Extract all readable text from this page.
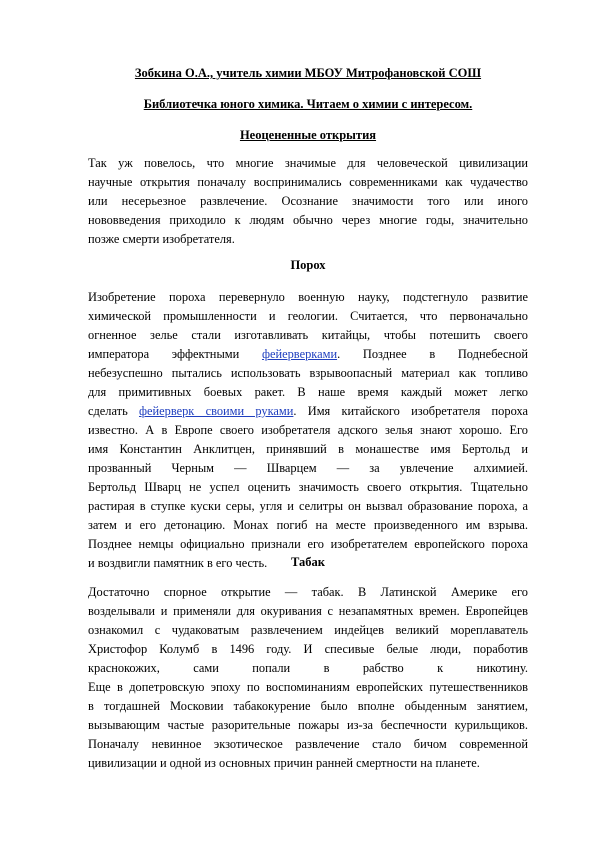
Зобкина О.А., учитель химии МБОУ Митрофановской СОШ
Библиотечка юного химика. Читаем о химии с интересом.
Неоцененные открытия
Так уж повелось, что многие значимые для человеческой цивилизации
научные открытия поначалу воспринимались современниками как чудачество
или несерьезное развлечение. Осознание значимости того или иного
нововведения приходило к людям обычно через многие годы, значительно
позже смерти изобретателя.
Порох
Изобретение пороха перевернуло военную науку, подстегнуло развитие
химической промышленности и геологии. Считается, что первоначально
огненное зелье стали изготавливать китайцы, чтобы потешить своего
императора эффектными фейерверками. Позднее в Поднебесной
небезуспешно пытались использовать взрывоопасный материал как топливо
для примитивных боевых ракет. В наше время каждый может легко
сделать фейерверк своими руками. Имя китайского изобретателя пороха
известно. А в Европе своего изобретателя адского зелья знают хорошо. Его
имя Константин Анклитцен, принявший в монашестве имя Бертольд и
прозванный Черным — Шварцем — за увлечение алхимией.
Бертольд Шварц не успел оценить значимость своего открытия. Тщательно
растирая в ступке куски серы, угля и селитры он вызвал образование пороха, а
затем и его детонацию. Монах погиб на месте произведенного им взрыва.
Позднее немцы официально признали его изобретателем европейского пороха
и воздвигли памятник в его честь.	Табак
Достаточно спорное открытие — табак. В Латинской Америке его
возделывали и применяли для окуривания с незапамятных времен. Европейцев
ознакомил с чудаковатым развлечением индейцев великий мореплаватель
Христофор Колумб в 1496 году. И спесивые белые люди, поработив
краснокожих, сами попали в рабство к никотину.
Еще в допетровскую эпоху по воспоминаниям европейских путешественников
в тогдашней Московии табакокурение было вполне обыденным занятием,
вызывающим частые разорительные пожары из-за беспечности курильщиков.
Поначалу невинное экзотическое развлечение стало бичом современной
цивилизации и одной из основных причин ранней смертности на планете.
